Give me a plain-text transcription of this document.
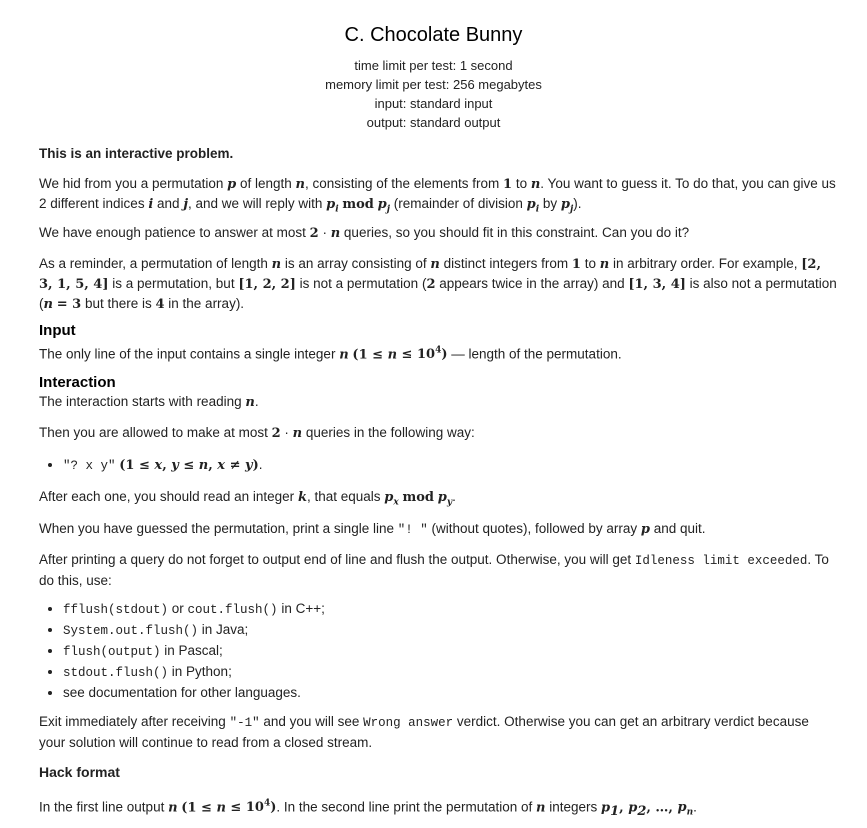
C. Chocolate Bunny
time limit per test: 1 second
memory limit per test: 256 megabytes
input: standard input
output: standard output

This is an interactive problem.

We hid from you a permutation p of length n, consisting of the elements from 1 to n. You want to guess it. To do that, you can give us 2 different indices i and j, and we will reply with $p_i$ mod $p_j$ (remainder of division $p_i$ by $p_j$).

We have enough patience to answer at most 2 · n queries, so you should fit in this constraint. Can you do it?

As a reminder, a permutation of length n is an array consisting of n distinct integers from 1 to n in arbitrary order. For example, [2, 3, 1, 5, 4] is a permutation, but [1, 2, 2] is not a permutation (2 appears twice in the array) and [1, 3, 4] is also not a permutation (n = 3 but there is 4 in the array).

Input

The only line of the input contains a single integer n $(1 \le n \le 10^4)$ — length of the permutation.

Interaction

The interaction starts with reading n.

Then you are allowed to make at most 2 · n queries in the following way:

• "? x y" (1 ≤ x, y ≤ n, x ≠ y).

After each one, you should read an integer k, that equals $p_x$ mod $p_y$.

When you have guessed the permutation, print a single line "! " (without quotes), followed by array p and quit.

After printing a query do not forget to output end of line and flush the output. Otherwise, you will get Idleness limit exceeded. To do this, use:

• fflush(stdout) or cout.flush() in C++;
• System.out.flush() in Java;
• flush(output) in Pascal;
• stdout.flush() in Python;
• see documentation for other languages.

Exit immediately after receiving "-1" and you will see Wrong answer verdict. Otherwise you can get an arbitrary verdict because your solution will continue to read from a closed stream.

Hack format

In the first line output n $(1 \le n \le 10^4)$. In the second line print the permutation of n integers $p_1$, $p_2$, …, $p_n$.
